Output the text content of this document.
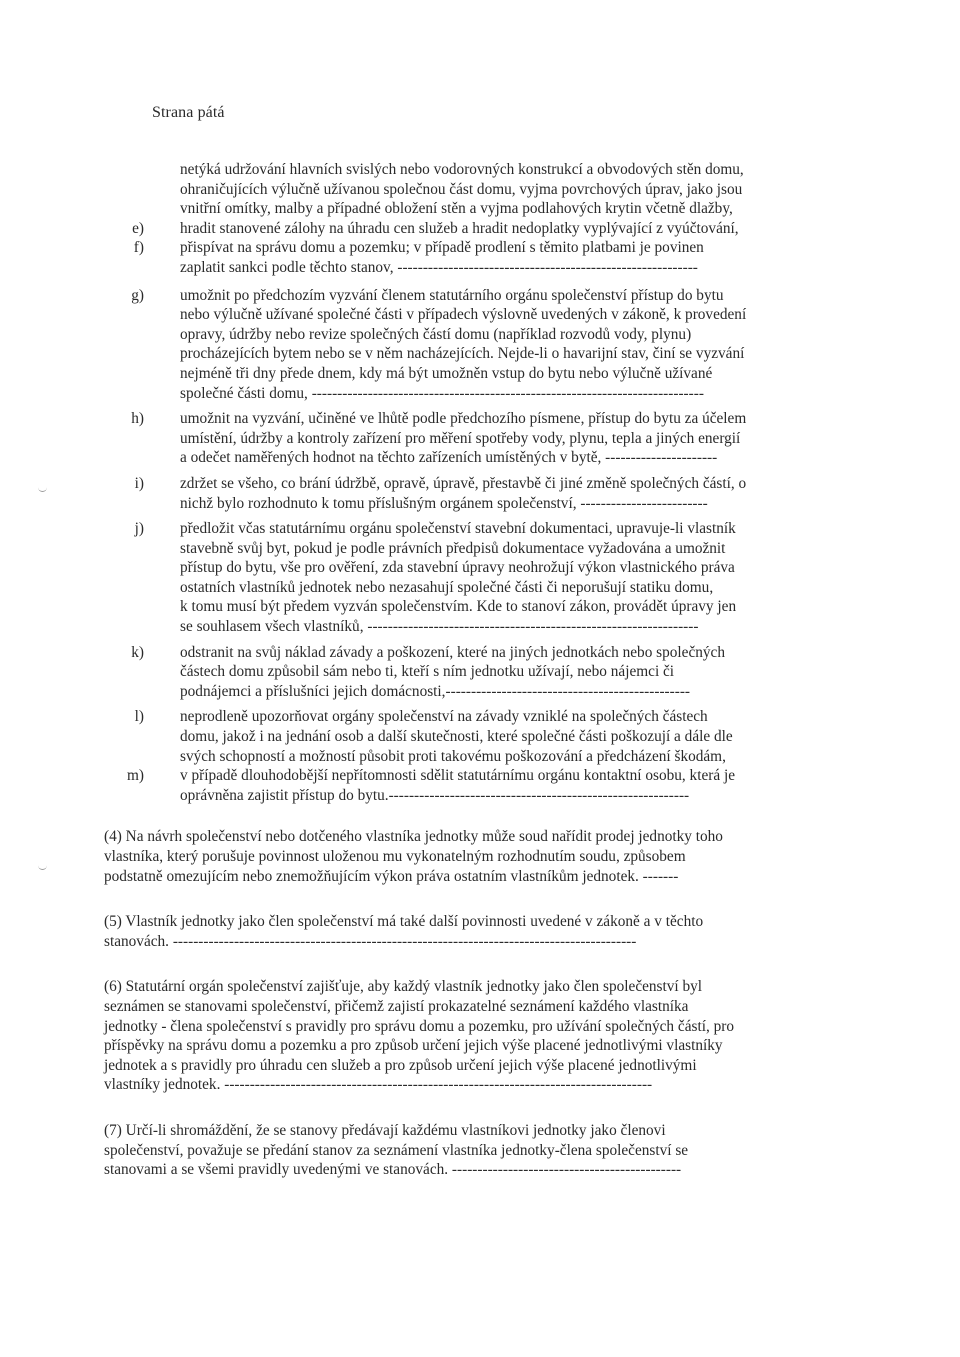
Strana pátá
netýká udržování hlavních svislých nebo vodorovných konstrukcí a obvodových stěn domu,
ohraničujících výlučně užívanou společnou část domu, vyjma povrchových úprav, jako jsou
vnitřní omítky, malby a případné obložení stěn a vyjma podlahových krytin včetně dlažby,
e) hradit stanovené zálohy na úhradu cen služeb a hradit nedoplatky vyplývající z vyúčtování,
f) přispívat na správu domu a pozemku; v případě prodlení s těmito platbami je povinen
zaplatit sankci podle těchto stanov, -----------------------------------------------------------
g) umožnit po předchozím vyzvání členem statutárního orgánu společenství přístup do bytu
nebo výlučně užívané společné části v případech výslovně uvedených v zákoně, k provedení
opravy, údržby nebo revize společných částí domu (například rozvodů vody, plynu)
procházejících bytem nebo se v něm nacházejících. Nejde-li o havarijní stav, činí se vyzvání
nejméně tři dny přede dnem, kdy má být umožněn vstup do bytu nebo výlučně užívané
společné části domu, -----------------------------------------------------------------------------
h) umožnit na vyzvání, učiněné ve lhůtě podle předchozího písmene, přístup do bytu za účelem
umístění, údržby a kontroly zařízení pro měření spotřeby vody, plynu, tepla a jiných energií
a odečet naměřených hodnot na těchto zařízeních umístěných v bytě, ----------------------
i) zdržet se všeho, co brání údržbě, opravě, úpravě, přestavbě či jiné změně společných částí, o
nichž bylo rozhodnuto k tomu příslušným orgánem společenství, -------------------------
j) předložit včas statutárnímu orgánu společenství stavební dokumentaci, upravuje-li vlastník
stavebně svůj byt, pokud je podle právních předpisů dokumentace vyžadována a umožnit
přístup do bytu, vše pro ověření, zda stavební úpravy neohrožují výkon vlastnického práva
ostatních vlastníků jednotek nebo nezasahují společné části či neporušují statiku domu,
k tomu musí být předem vyzván společenstvím. Kde to stanoví zákon, provádět úpravy jen
se souhlasem všech vlastníků, -----------------------------------------------------------------
k) odstranit na svůj náklad závady a poškození, které na jiných jednotkách nebo společných
částech domu způsobil sám nebo ti, kteří s ním jednotku užívají, nebo nájemci či
podnájemci a příslušníci jejich domácnosti,------------------------------------------------
l) neprodleně upozorňovat orgány společenství na závady vzniklé na společných částech
domu, jakož i na jednání osob a další skutečnosti, které společné části poškozují a dále dle
svých schopností a možností působit proti takovému poškozování a předcházení škodám,
m) v případě dlouhodobější nepřítomnosti sdělit statutárnímu orgánu kontaktní osobu, která je
oprávněna zajistit přístup do bytu.-----------------------------------------------------------
(4) Na návrh společenství nebo dotčeného vlastníka jednotky může soud nařídit prodej jednotky toho
vlastníka, který porušuje povinnost uloženou mu vykonatelným rozhodnutím soudu, způsobem
podstatně omezujícím nebo znemožňujícím výkon práva ostatním vlastníkům jednotek. -------
(5) Vlastník jednotky jako člen společenství má také další povinnosti uvedené v zákoně a v těchto
stanovách. -------------------------------------------------------------------------------------------
(6) Statutární orgán společenství zajišťuje, aby každý vlastník jednotky jako člen společenství byl
seznámen se stanovami společenství, přičemž zajistí prokazatelné seznámení každého vlastníka
jednotky - člena společenství s pravidly pro správu domu a pozemku, pro užívání společných částí, pro
příspěvky na správu domu a pozemku a pro způsob určení jejich výše placené jednotlivými vlastníky
jednotek a s pravidly pro úhradu cen služeb a pro způsob určení jejich výše placené jednotlivými
vlastníky jednotek. ------------------------------------------------------------------------------------
(7) Určí-li shromáždění, že se stanovy předávají každému vlastníkovi jednotky jako členovi
společenství, považuje se předání stanov za seznámení vlastníka jednotky-člena společenství se
stanovami a se všemi pravidly uvedenými ve stanovách. ---------------------------------------------
